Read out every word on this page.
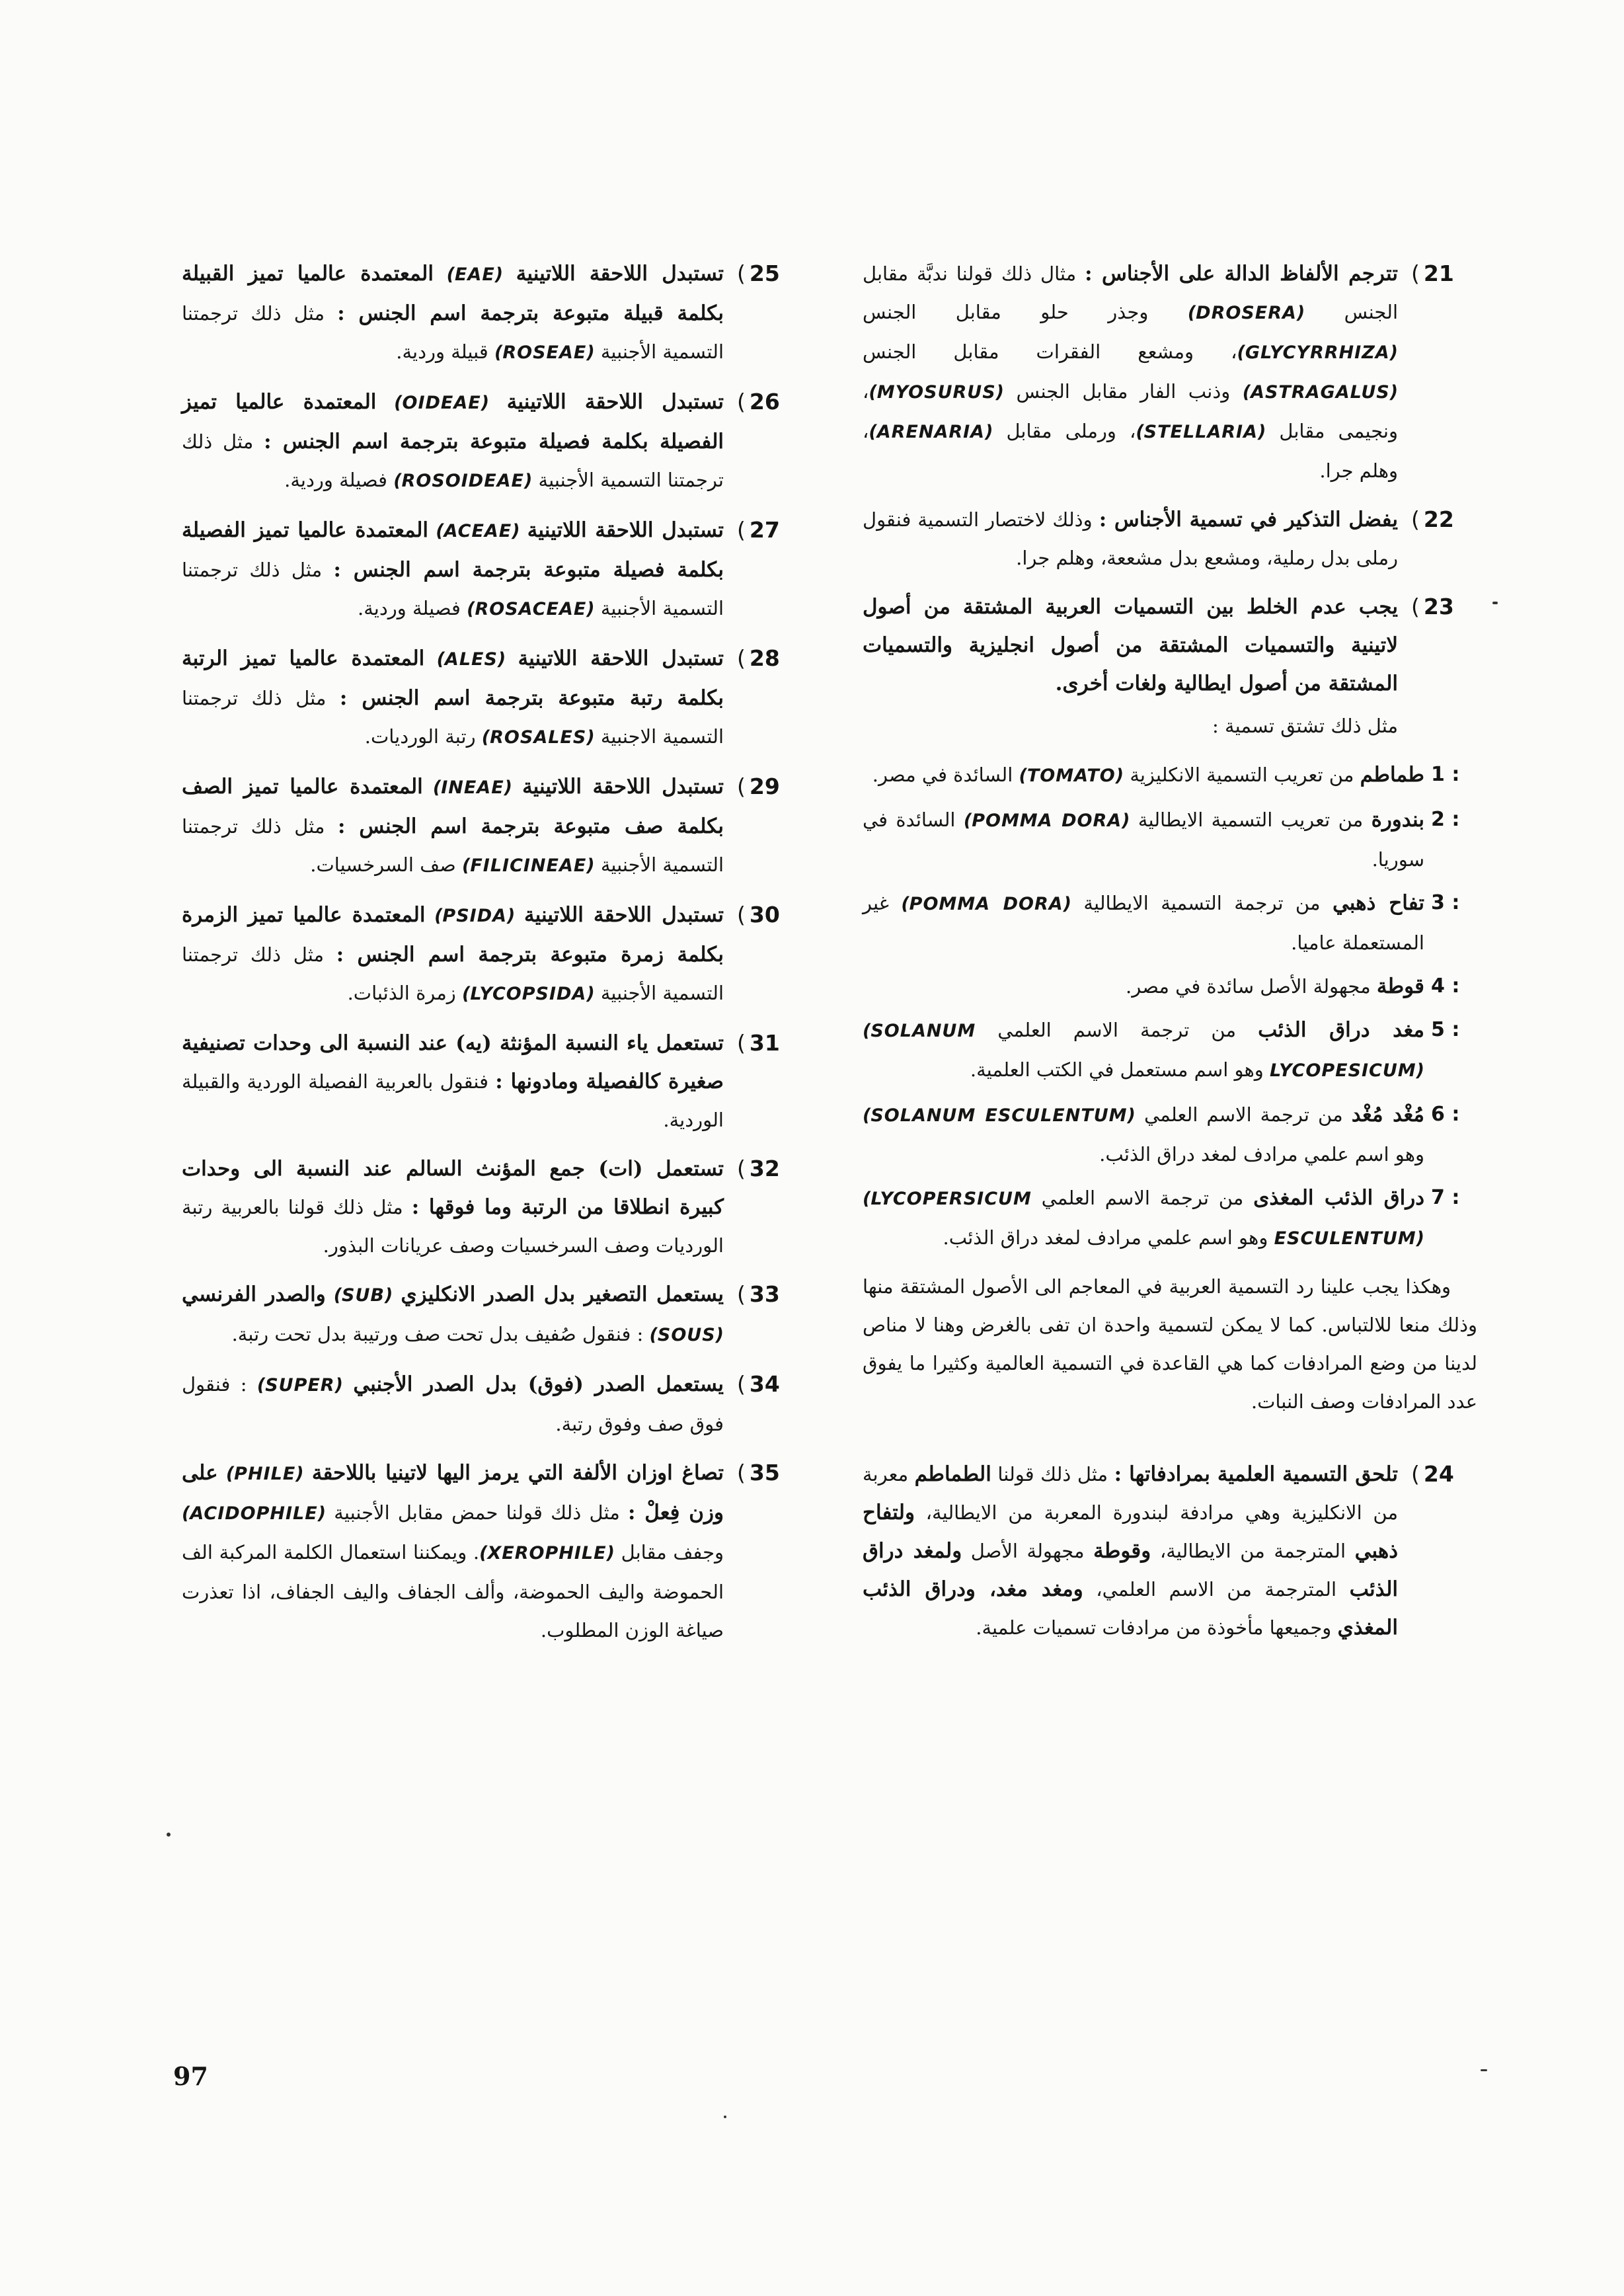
( 21
تترجم الألفاظ الدالة على الأجناس : مثال ذلك قولنا ندبَّة مقابل الجنس (DROSERA) وجذر حلو مقابل الجنس (GLYCYRRHIZA)، ومشعع الفقرات مقابل الجنس (ASTRAGALUS) وذنب الفار مقابل الجنس (MYOSURUS)، ونجيمى مقابل (STELLARIA)، ورملى مقابل (ARENARIA)، وهلم جرا.
( 22
يفضل التذكير في تسمية الأجناس : وذلك لاختصار التسمية فنقول رملى بدل رملية، ومشعع بدل مشععة، وهلم جرا.
( 23

يجب عدم الخلط بين التسميات العربية المشتقة من أصول لاتينية والتسميات المشتقة من أصول انجليزية والتسميات المشتقة من أصول ايطالية ولغات أخرى.

مثل ذلك تشتق تسمية :

1 :
طماطم من تعريب التسمية الانكليزية (TOMATO) السائدة في مصر.
2 :
بندورة من تعريب التسمية الايطالية (POMMA DORA) السائدة في سوريا.
3 :
تفاح ذهبي من ترجمة التسمية الايطالية (POMMA DORA) غير المستعملة عاميا.
4 :
قوطة مجهولة الأصل سائدة في مصر.
5 :
مغد دراق الذئب من ترجمة الاسم العلمي (SOLANUM LYCOPESICUM) وهو اسم مستعمل في الكتب العلمية.
6 :
مُغْد مُغْد من ترجمة الاسم العلمي (SOLANUM ESCULENTUM) وهو اسم علمي مرادف لمغد دراق الذئب.
7 :
دراق الذئب المغذى من ترجمة الاسم العلمي (LYCOPERSICUM ESCULENTUM) وهو اسم علمي مرادف لمغد دراق الذئب.

وهكذا يجب علينا رد التسمية العربية في المعاجم الى الأصول المشتقة منها وذلك منعا للالتباس. كما لا يمكن لتسمية واحدة ان تفى بالغرض وهنا لا مناص لدينا من وضع المرادفات كما هي القاعدة في التسمية العالمية وكثيرا ما يفوق عدد المرادفات وصف النبات.

( 24
تلحق التسمية العلمية بمرادفاتها : مثل ذلك قولنا الطماطم معربة من الانكليزية وهي مرادفة لبندورة المعربة من الايطالية، ولتفاح ذهبي المترجمة من الايطالية، وقوطة مجهولة الأصل ولمغد دراق الذئب المترجمة من الاسم العلمي، ومغد مغد، ودراق الذئب المغذي وجميعها مأخوذة من مرادفات تسميات علمية.
( 25
تستبدل اللاحقة اللاتينية (EAE) المعتمدة عالميا تميز القبيلة بكلمة قبيلة متبوعة بترجمة اسم الجنس : مثل ذلك ترجمتنا التسمية الأجنبية (ROSEAE) قبيلة وردية.
( 26
تستبدل اللاحقة اللاتينية (OIDEAE) المعتمدة عالميا تميز الفصيلة بكلمة فصيلة متبوعة بترجمة اسم الجنس : مثل ذلك ترجمتنا التسمية الأجنبية (ROSOIDEAE) فصيلة وردية.
( 27
تستبدل اللاحقة اللاتينية (ACEAE) المعتمدة عالميا تميز الفصيلة بكلمة فصيلة متبوعة بترجمة اسم الجنس : مثل ذلك ترجمتنا التسمية الأجنبية (ROSACEAE) فصيلة وردية.
( 28
تستبدل اللاحقة اللاتينية (ALES) المعتمدة عالميا تميز الرتبة بكلمة رتبة متبوعة بترجمة اسم الجنس : مثل ذلك ترجمتنا التسمية الاجنبية (ROSALES) رتبة الورديات.
( 29
تستبدل اللاحقة اللاتينية (INEAE) المعتمدة عالميا تميز الصف بكلمة صف متبوعة بترجمة اسم الجنس : مثل ذلك ترجمتنا التسمية الأجنبية (FILICINEAE) صف السرخسيات.
( 30
تستبدل اللاحقة اللاتينية (PSIDA) المعتمدة عالميا تميز الزمرة بكلمة زمرة متبوعة بترجمة اسم الجنس : مثل ذلك ترجمتنا التسمية الأجنبية (LYCOPSIDA) زمرة الذئبات.
( 31
تستعمل ياء النسبة المؤنثة (يه) عند النسبة الى وحدات تصنيفية صغيرة كالفصيلة ومادونها : فنقول بالعربية الفصيلة الوردية والقبيلة الوردية.
( 32
تستعمل (ات) جمع المؤنث السالم عند النسبة الى وحدات كبيرة انطلاقا من الرتبة وما فوقها : مثل ذلك قولنا بالعربية رتبة الورديات وصف السرخسيات وصف عريانات البذور.
( 33
يستعمل التصغير بدل الصدر الانكليزي (SUB) والصدر الفرنسي (SOUS) : فنقول صُفيف بدل تحت صف ورتيبة بدل تحت رتبة.
( 34
يستعمل الصدر (فوق) بدل الصدر الأجنبي (SUPER) : فنقول فوق صف وفوق رتبة.
( 35
تصاغ اوزان الألفة التي يرمز اليها لاتينيا باللاحقة (PHILE) على وزن فِعلْ : مثل ذلك قولنا حمض مقابل الأجنبية (ACIDOPHILE) وجفف مقابل (XEROPHILE). ويمكننا استعمال الكلمة المركبة الف الحموضة واليف الحموضة، وألف الجفاف واليف الجفاف، اذا تعذرت صياغة الوزن المطلوب.
97
